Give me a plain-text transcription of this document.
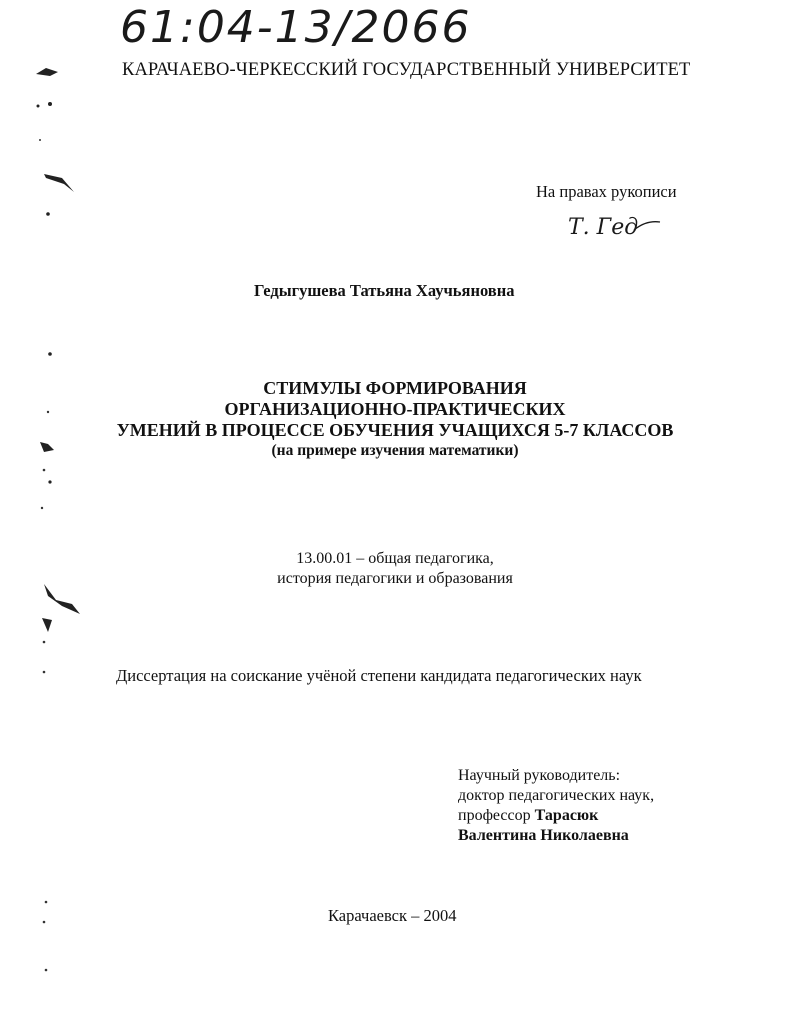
61:04-13/2066
КАРАЧАЕВО-ЧЕРКЕССКИЙ ГОСУДАРСТВЕННЫЙ УНИВЕРСИТЕТ
На правах рукописи
Т. Гед
Гедыгушева Татьяна Хаучьяновна
СТИМУЛЫ ФОРМИРОВАНИЯ
ОРГАНИЗАЦИОННО-ПРАКТИЧЕСКИХ
УМЕНИЙ В ПРОЦЕССЕ ОБУЧЕНИЯ УЧАЩИХСЯ 5-7 КЛАССОВ
(на примере изучения математики)
13.00.01 – общая педагогика,
история педагогики и образования
Диссертация на соискание учёной степени кандидата педагогических наук
Научный руководитель:
доктор педагогических наук,
профессор Тарасюк
Валентина Николаевна
Карачаевск – 2004
